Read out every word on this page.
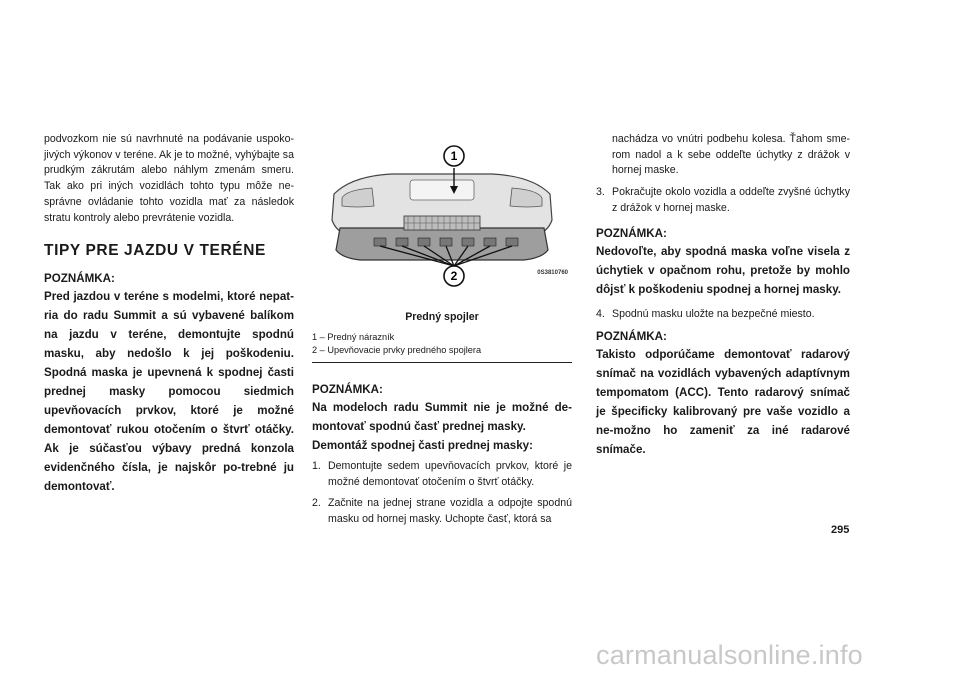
podvozkom nie sú navrhnuté na podávanie uspoko-jivých výkonov v teréne. Ak je to možné, vyhýbajte sa prudkým zákrutám alebo náhlym zmenám smeru. Tak ako pri iných vozidlách tohto typu môže ne-správne ovládanie tohto vozidla mať za následok stratu kontroly alebo prevrátenie vozidla.

TIPY PRE JAZDU V TERÉNE
POZNÁMKA:

Pred jazdou v teréne s modelmi, ktoré nepat-ria do radu Summit a sú vybavené balíkom na jazdu v teréne, demontujte spodnú masku, aby nedošlo k jej poškodeniu. Spodná maska je upevnená k spodnej časti prednej masky pomocou siedmich upevňovacích prvkov, ktoré je možné demontovať rukou otočením o štvrť otáčky. Ak je súčasťou výbavy predná konzola evidenčného čísla, je najskôr po-trebné ju demontovať.

1
2	0S3810760
Predný spojler
1 – Predný nárazník
2 – Upevňovacie prvky predného spojlera
POZNÁMKA:

Na modeloch radu Summit nie je možné de-montovať spodnú časť prednej masky.

Demontáž spodnej časti prednej masky:

1. Demontujte sedem upevňovacích prvkov, ktoré je možné demontovať otočením o štvrť otáčky.
2. Začnite na jednej strane vozidla a odpojte spodnú masku od hornej masky. Uchopte časť, ktorá sa

nachádza vo vnútri podbehu kolesa. Ťahom sme-rom nadol a k sebe oddeľte úchytky z drážok v hornej maske.

3. Pokračujte okolo vozidla a oddeľte zvyšné úchytky z drážok v hornej maske.
POZNÁMKA:

Nedovoľte, aby spodná maska voľne visela z úchytiek v opačnom rohu, pretože by mohlo dôjsť k poškodeniu spodnej a hornej masky.

4. Spodnú masku uložte na bezpečné miesto.
POZNÁMKA:

Takisto odporúčame demontovať radarový snímač na vozidlách vybavených adaptívnym tempomatom (ACC). Tento radarový snímač je špecificky kalibrovaný pre vaše vozidlo a ne-možno ho zameniť za iné radarové snímače.

295
carmanualsonline.info
